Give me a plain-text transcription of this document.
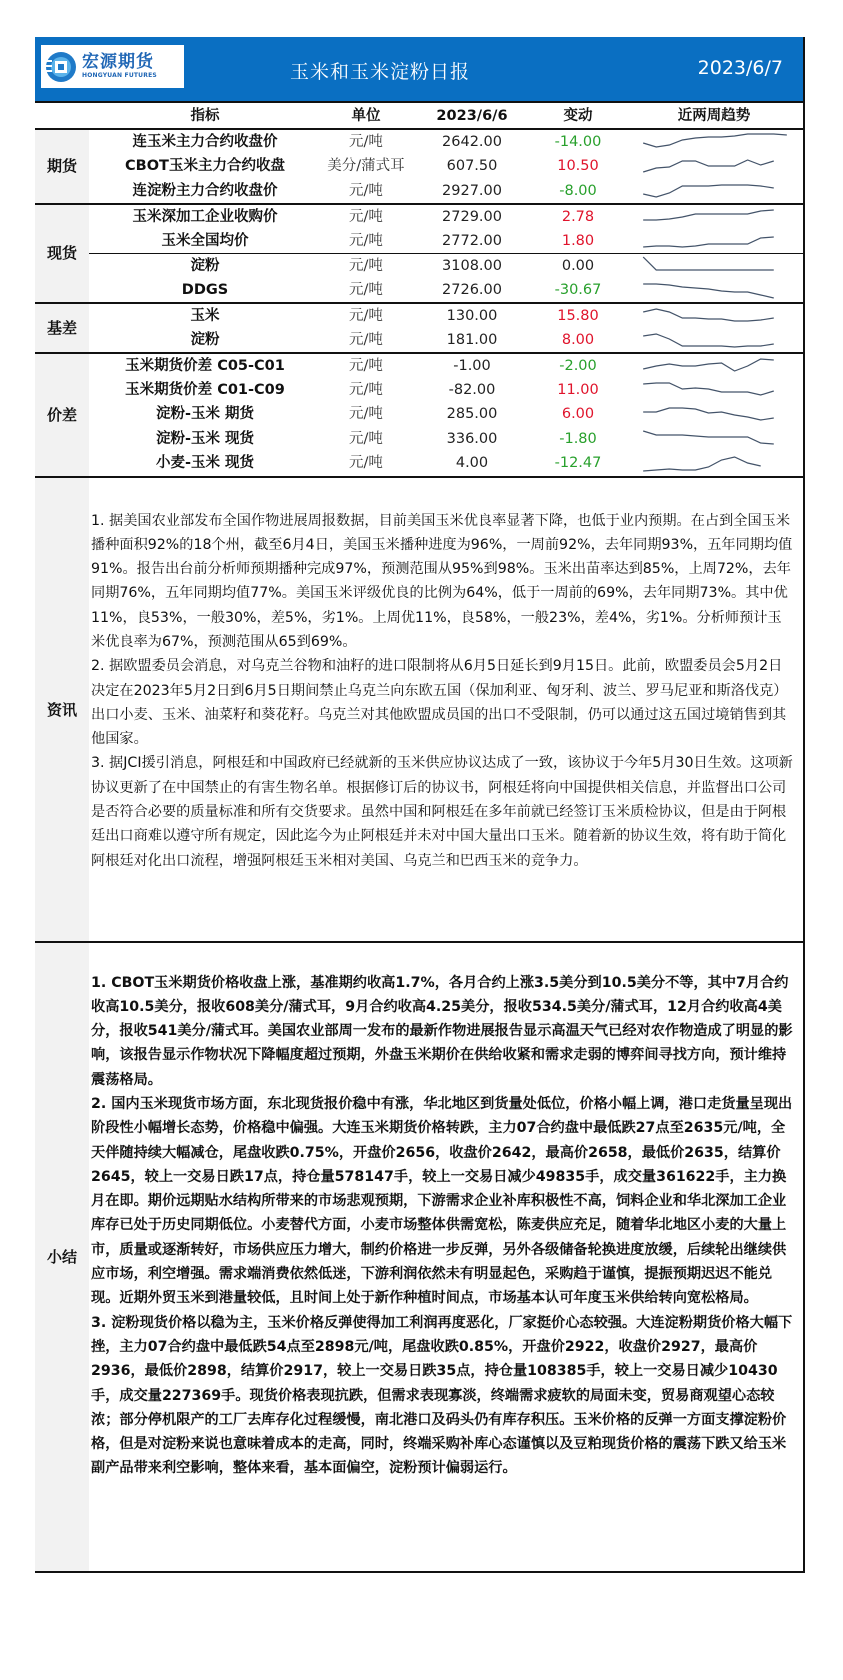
宏源期货
HONGYUAN FUTURES	玉米和玉米淀粉日报	2023/6/7
	指标	单位	2023/6/6	变动	近两周趋势
期货	连玉米主力合约收盘价	元/吨	2642.00	-14.00	

	CBOT玉米主力合约收盘	美分/蒲式耳	607.50	10.50	

	连淀粉主力合约收盘价	元/吨	2927.00	-8.00	

现货	玉米深加工企业收购价	元/吨	2729.00	2.78	

	玉米全国均价	元/吨	2772.00	1.80	

	淀粉	元/吨	3108.00	0.00	

	DDGS	元/吨	2726.00	-30.67	

基差	玉米	元/吨	130.00	15.80	

	淀粉	元/吨	181.00	8.00	

价差	玉米期货价差 C05-C01	元/吨	-1.00	-2.00	

	玉米期货价差 C01-C09	元/吨	-82.00	11.00	

	淀粉-玉米 期货	元/吨	285.00	6.00	

	淀粉-玉米 现货	元/吨	336.00	-1.80	

	小麦-玉米 现货	元/吨	4.00	-12.47	
资讯

1. 据美国农业部发布全国作物进展周报数据，目前美国玉米优良率显著下降，也低于业内预期。在占到全国玉米播种面积92%的18个州，截至6月4日，美国玉米播种进度为96%，一周前92%，去年同期93%，五年同期均值91%。报告出台前分析师预期播种完成97%，预测范围从95%到98%。玉米出苗率达到85%，上周72%，去年同期76%，五年同期均值77%。美国玉米评级优良的比例为64%，低于一周前的69%，去年同期73%。其中优11%，良53%，一般30%，差5%，劣1%。上周优11%，良58%，一般23%，差4%，劣1%。分析师预计玉米优良率为67%，预测范围从65到69%。

2. 据欧盟委员会消息，对乌克兰谷物和油籽的进口限制将从6月5日延长到9月15日。此前，欧盟委员会5月2日决定在2023年5月2日到6月5日期间禁止乌克兰向东欧五国（保加利亚、匈牙利、波兰、罗马尼亚和斯洛伐克）出口小麦、玉米、油菜籽和葵花籽。乌克兰对其他欧盟成员国的出口不受限制，仍可以通过这五国过境销售到其他国家。

3. 据JCI援引消息，阿根廷和中国政府已经就新的玉米供应协议达成了一致，该协议于今年5月30日生效。这项新协议更新了在中国禁止的有害生物名单。根据修订后的协议书，阿根廷将向中国提供相关信息，并监督出口公司是否符合必要的质量标准和所有交货要求。虽然中国和阿根廷在多年前就已经签订玉米质检协议，但是由于阿根廷出口商难以遵守所有规定，因此迄今为止阿根廷并未对中国大量出口玉米。随着新的协议生效，将有助于简化阿根廷对化出口流程，增强阿根廷玉米相对美国、乌克兰和巴西玉米的竞争力。

小结

1. CBOT玉米期货价格收盘上涨，基准期约收高1.7%，各月合约上涨3.5美分到10.5美分不等，其中7月合约收高10.5美分，报收608美分/蒲式耳，9月合约收高4.25美分，报收534.5美分/蒲式耳，12月合约收高4美分，报收541美分/蒲式耳。美国农业部周一发布的最新作物进展报告显示高温天气已经对农作物造成了明显的影响，该报告显示作物状况下降幅度超过预期，外盘玉米期价在供给收紧和需求走弱的博弈间寻找方向，预计维持震荡格局。

2. 国内玉米现货市场方面，东北现货报价稳中有涨，华北地区到货量处低位，价格小幅上调，港口走货量呈现出阶段性小幅增长态势，价格稳中偏强。大连玉米期货价格转跌，主力07合约盘中最低跌27点至2635元/吨，全天伴随持续大幅减仓，尾盘收跌0.75%，开盘价2656，收盘价2642，最高价2658，最低价2635，结算价2645，较上一交易日跌17点，持仓量578147手，较上一交易日减少49835手，成交量361622手，主力换月在即。期价远期贴水结构所带来的市场悲观预期，下游需求企业补库积极性不高，饲料企业和华北深加工企业库存已处于历史同期低位。小麦替代方面，小麦市场整体供需宽松，陈麦供应充足，随着华北地区小麦的大量上市，质量或逐渐转好，市场供应压力增大，制约价格进一步反弹，另外各级储备轮换进度放缓，后续轮出继续供应市场，利空增强。需求端消费依然低迷，下游利润依然未有明显起色，采购趋于谨慎，提振预期迟迟不能兑现。近期外贸玉米到港量较低，且时间上处于新作种植时间点，市场基本认可年度玉米供给转向宽松格局。

3. 淀粉现货价格以稳为主，玉米价格反弹使得加工利润再度恶化，厂家挺价心态较强。大连淀粉期货价格大幅下挫，主力07合约盘中最低跌54点至2898元/吨，尾盘收跌0.85%，开盘价2922，收盘价2927，最高价2936，最低价2898，结算价2917，较上一交易日跌35点，持仓量108385手，较上一交易日减少10430手，成交量227369手。现货价格表现抗跌，但需求表现寡淡，终端需求疲软的局面未变，贸易商观望心态较浓；部分停机限产的工厂去库存化过程缓慢，南北港口及码头仍有库存积压。玉米价格的反弹一方面支撑淀粉价格，但是对淀粉来说也意味着成本的走高，同时，终端采购补库心态谨慎以及豆粕现货价格的震荡下跌又给玉米副产品带来利空影响，整体来看，基本面偏空，淀粉预计偏弱运行。
